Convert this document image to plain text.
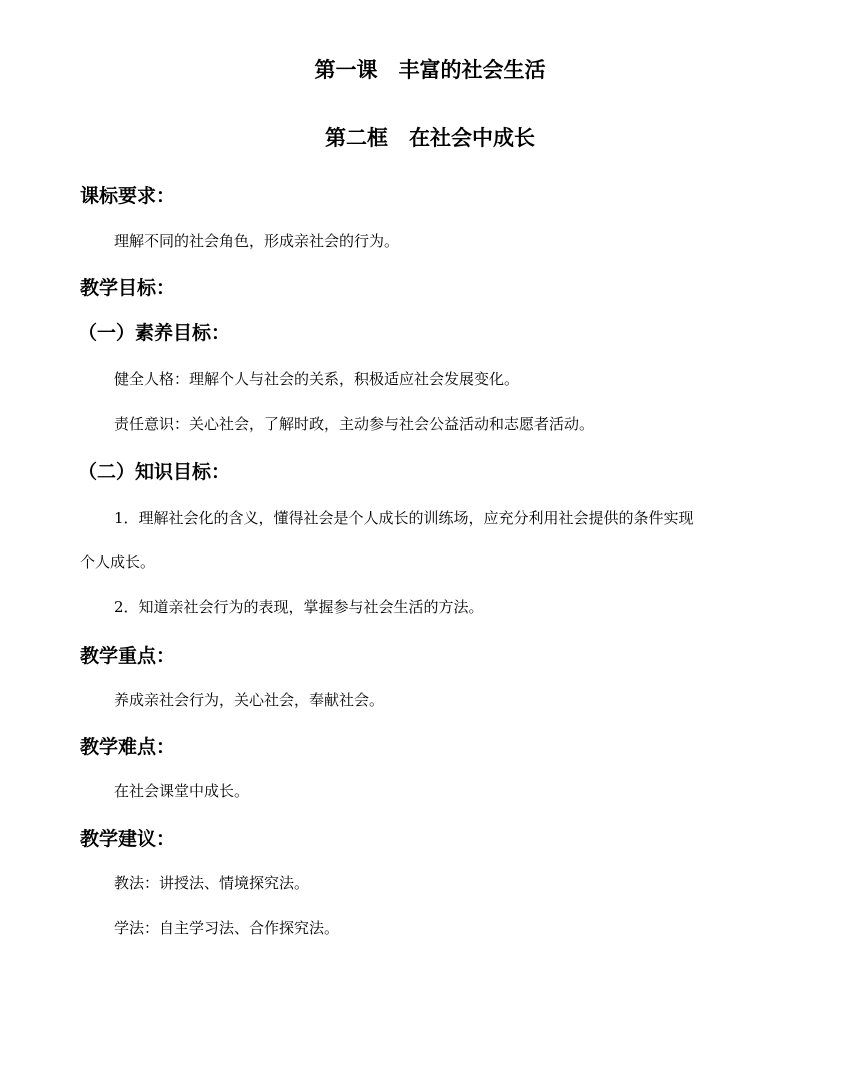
第一课　丰富的社会生活
第二框　在社会中成长
课标要求：
理解不同的社会角色，形成亲社会的行为。
教学目标：
（一）素养目标：
健全人格：理解个人与社会的关系，积极适应社会发展变化。
责任意识：关心社会，了解时政，主动参与社会公益活动和志愿者活动。
（二）知识目标：
1．理解社会化的含义，懂得社会是个人成长的训练场，应充分利用社会提供的条件实现
个人成长。
2．知道亲社会行为的表现，掌握参与社会生活的方法。
教学重点：
养成亲社会行为，关心社会，奉献社会。
教学难点：
在社会课堂中成长。
教学建议：
教法：讲授法、情境探究法。
学法：自主学习法、合作探究法。
